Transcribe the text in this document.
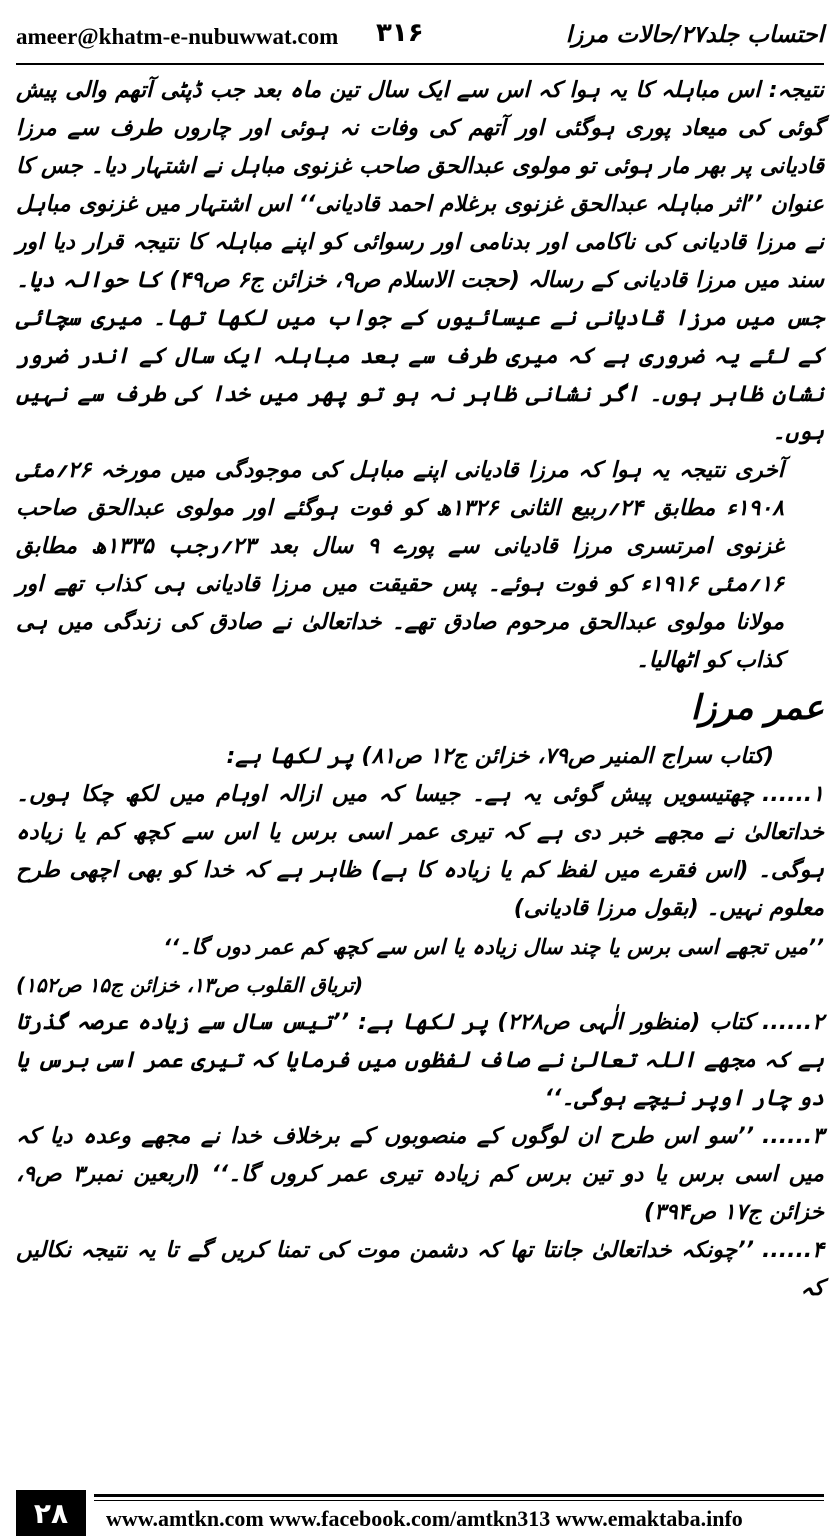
ameer@khatm-e-nubuwwat.com ۳۱۶	احتساب جلد۲۷/حالات مرزا

نتیجہ: اس مباہلہ کا یہ ہوا کہ اس سے ایک سال تین ماہ بعد جب ڈپٹی آتھم والی پیش گوئی کی میعاد پوری ہوگئی اور آتھم کی وفات نہ ہوئی اور چاروں طرف سے مرزا قادیانی پر بھر مار ہوئی تو مولوی عبدالحق صاحب غزنوی مباہل نے اشتہار دیا۔ جس کا عنوان ’’اثر مباہلہ عبدالحق غزنوی برغلام احمد قادیانی‘‘ اس اشتہار میں غزنوی مباہل نے مرزا قادیانی کی ناکامی اور بدنامی اور رسوائی کو اپنے مباہلہ کا نتیجہ قرار دیا اور سند میں مرزا قادیانی کے رسالہ (حجت الاسلام ص۹، خزائن ج۶ ص۴۹) کا حوالہ دیا۔ جس میں مرزا قادیانی نے عیسائیوں کے جواب میں لکھا تھا۔ میری سچائی کے لئے یہ ضروری ہے کہ میری طرف سے بعد مباہلہ ایک سال کے اندر ضرور نشان ظاہر ہوں۔ اگر نشانی ظاہر نہ ہو تو پھر میں خدا کی طرف سے نہیں ہوں۔

آخری نتیجہ یہ ہوا کہ مرزا قادیانی اپنے مباہل کی موجودگی میں مورخہ ۲۶؍مئی ۱۹۰۸ء مطابق ۲۴؍ربیع الثانی ۱۳۲۶ھ کو فوت ہوگئے اور مولوی عبدالحق صاحب غزنوی امرتسری مرزا قادیانی سے پورے ۹ سال بعد ۲۳؍رجب ۱۳۳۵ھ مطابق ۱۶؍مئی ۱۹۱۶ء کو فوت ہوئے۔ پس حقیقت میں مرزا قادیانی ہی کذاب تھے اور مولانا مولوی عبدالحق مرحوم صادق تھے۔ خداتعالیٰ نے صادق کی زندگی میں ہی کذاب کو اٹھالیا۔

عمر مرزا

(کتاب سراج المنیر ص۷۹، خزائن ج۱۲ ص۸۱) پر لکھا ہے:

۱......چھتیسویں پیش گوئی یہ ہے۔ جیسا کہ میں ازالہ اوہام میں لکھ چکا ہوں۔ خداتعالیٰ نے مجھے خبر دی ہے کہ تیری عمر اسی برس یا اس سے کچھ کم یا زیادہ ہوگی۔ (اس فقرے میں لفظ کم یا زیادہ کا ہے) ظاہر ہے کہ خدا کو بھی اچھی طرح معلوم نہیں۔ (بقول مرزا قادیانی)

’’میں تجھے اسی برس یا چند سال زیادہ یا اس سے کچھ کم عمر دوں گا۔‘‘

(تریاق القلوب ص۱۳، خزائن ج۱۵ ص۱۵۲)

۲......کتاب (منظور الٰہی ص۲۲۸) پر لکھا ہے: ’’تیس سال سے زیادہ عرصہ گذرتا ہے کہ مجھے اللہ تعالیٰ نے صاف لفظوں میں فرمایا کہ تیری عمر اسی برس یا دو چار اوپر نیچے ہوگی۔‘‘

۳......’’سو اس طرح ان لوگوں کے منصوبوں کے برخلاف خدا نے مجھے وعدہ دیا کہ میں اسی برس یا دو تین برس کم زیادہ تیری عمر کروں گا۔‘‘ (اربعین نمبر۳ ص۹، خزائن ج۱۷ ص۳۹۴)

۴......’’چونکہ خداتعالیٰ جانتا تھا کہ دشمن موت کی تمنا کریں گے تا یہ نتیجہ نکالیں کہ

۲۸	www.amtkn.com www.facebook.com/amtkn313 www.emaktaba.info
